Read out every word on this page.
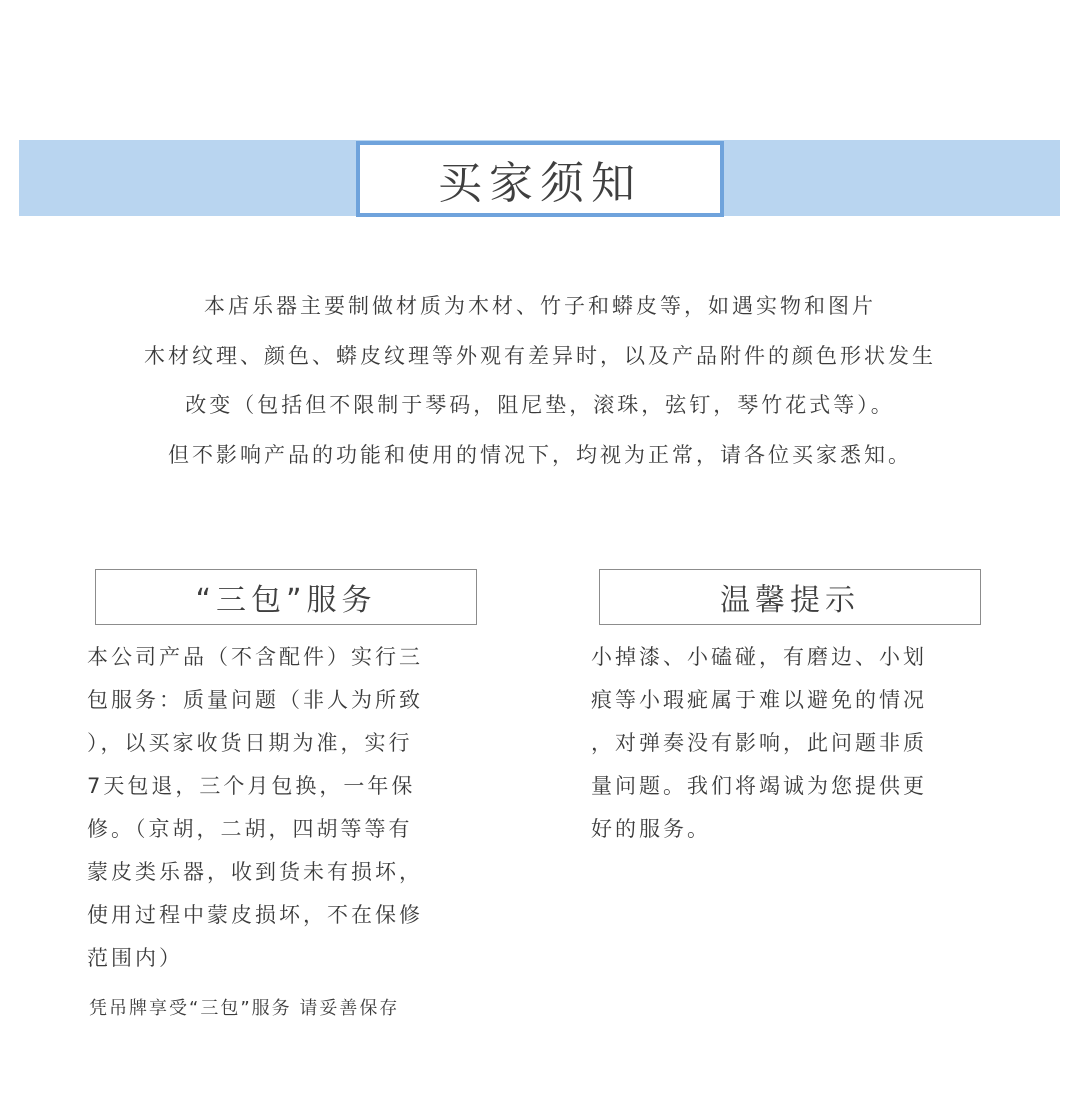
买家须知
本店乐器主要制做材质为木材、竹子和蟒皮等，如遇实物和图片
木材纹理、颜色、蟒皮纹理等外观有差异时，以及产品附件的颜色形状发生
改变（包括但不限制于琴码，阻尼垫，滚珠，弦钉，琴竹花式等）。
但不影响产品的功能和使用的情况下，均视为正常，请各位买家悉知。
“三包”服务
本公司产品（不含配件）实行三
包服务：质量问题（非人为所致
），以买家收货日期为准，实行
7天包退，三个月包换，一年保
修。（京胡，二胡，四胡等等有
蒙皮类乐器，收到货未有损坏，
使用过程中蒙皮损坏，不在保修
范围内）
温馨提示
小掉漆、小磕碰，有磨边、小划
痕等小瑕疵属于难以避免的情况
，对弹奏没有影响，此问题非质
量问题。我们将竭诚为您提供更
好的服务。
凭吊牌享受“三包”服务 请妥善保存
